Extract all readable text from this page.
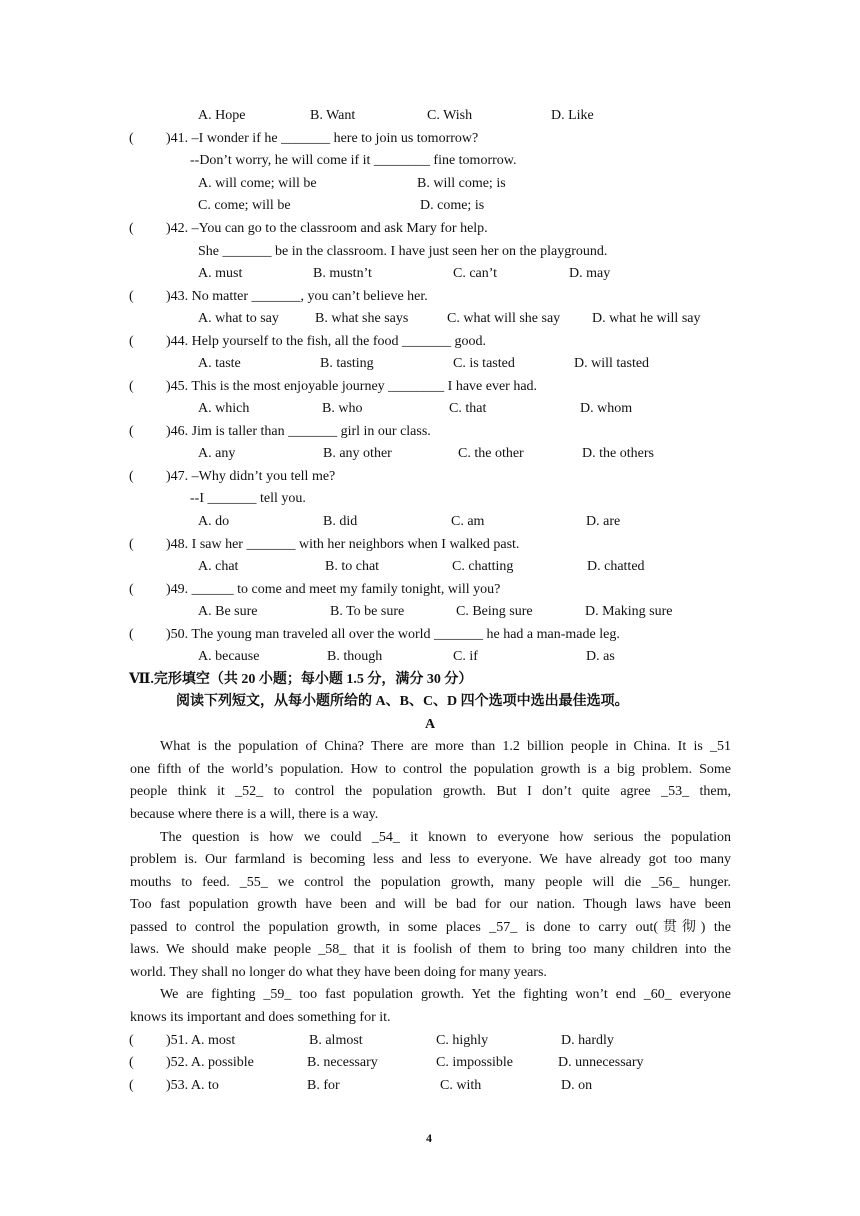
A. Hope	B. Want	C. Wish	D. Like
( )41. –I wonder if he _______ here to join us tomorrow?
--Don’t worry, he will come if it ________ fine tomorrow.
A. will come; will be	B. will come; is
C. come; will be	D. come; is
( )42. –You can go to the classroom and ask Mary for help.
She _______ be in the classroom. I have just seen her on the playground.
A. must	B. mustn’t	C. can’t	D. may
( )43. No matter _______, you can’t believe her.
A. what to say	B. what she says	C. what will she say D. what he will say
( )44. Help yourself to the fish, all the food _______ good.
A. taste	B. tasting	C. is tasted	D. will tasted
( )45. This is the most enjoyable journey ________ I have ever had.
A. which	B. who	C. that	D. whom
( )46. Jim is taller than _______ girl in our class.
A. any	B. any other	C. the other	D. the others
( )47. –Why didn’t you tell me?
--I _______ tell you.
A. do	B. did	C. am	D. are
( )48. I saw her _______ with her neighbors when I walked past.
A. chat	B. to chat	C. chatting	D. chatted
( )49. ______ to come and meet my family tonight, will you?
A. Be sure	B. To be sure	C. Being sure	D. Making sure
( )50. The young man traveled all over the world _______ he had a man-made leg.
A. because	B. though	C. if	D. as
Ⅶ.完形填空（共 20 小题；每小题 1.5 分，满分 30 分）
阅读下列短文，从每小题所给的 A、B、C、D 四个选项中选出最佳选项。
A
What is the population of China? There are more than 1.2 billion people in China. It is _51
one fifth of the world’s population. How to control the population growth is a big problem. Some
people think it _52_ to control the population growth. But I don’t quite agree _53_ them,
because where there is a will, there is a way.
The question is how we could _54_ it known to everyone how serious the population
problem is. Our farmland is becoming less and less to everyone. We have already got too many
mouths to feed. _55_ we control the population growth, many people will die _56_ hunger.
Too fast population growth have been and will be bad for our nation. Though laws have been
passed to control the population growth, in some places _57_ is done to carry out(贯彻) the
laws. We should make people _58_ that it is foolish of them to bring too many children into the
world. They shall no longer do what they have been doing for many years.
We are fighting _59_ too fast population growth. Yet the fighting won’t end _60_ everyone
knows its important and does something for it.
( )51. A. most	B. almost	C. highly	D. hardly
( )52. A. possible	B. necessary	C. impossible	D. unnecessary
( )53. A. to	B. for	C. with	D. on
4
